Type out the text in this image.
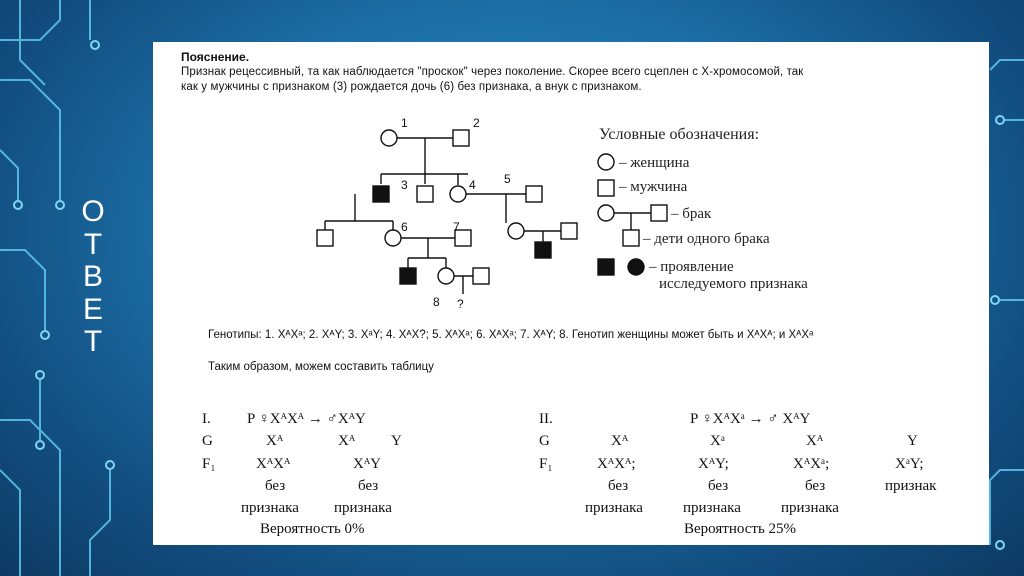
О
Т
В
Е
Т
Пояснение.
Признак рецессивный, та как наблюдается "проскок" через поколение. Скорее всего сцеплен с Х-хромосомой, так
как у мужчины с признаком (3) рождается дочь (6) без признака, а внук с признаком.
1	2
3	4 5
6	7
8 ?
Условные обозначения:
– женщина
– мужчина
– брак
– дети одного брака
– проявление
исследуемого признака
Генотипы: 1. XᴬXᵃ; 2. XᴬY; 3. XᵃY; 4. XᴬX?; 5. XᴬXᵃ; 6. XᴬXᵃ; 7. XᴬY; 8. Генотип женщины может быть и XᴬXᴬ; и XᴬXᵃ
Таким образом, можем составить таблицу
I. P ♀XᴬXᴬ → ♂XᴬY
G	Xᴬ	Xᴬ Y
F₁	XᴬXᴬ	XᴬY
без	без
признака признака
Вероятность 0%
II.	P ♀XᴬXᵃ → ♂ XᴬY
G	Xᴬ	Xᵃ	Xᴬ	Y
F₁	XᴬXᴬ;	XᴬY;	XᴬXᵃ;	XᵃY;
без	без	без	признак
признака	признака	признака
Вероятность 25%
